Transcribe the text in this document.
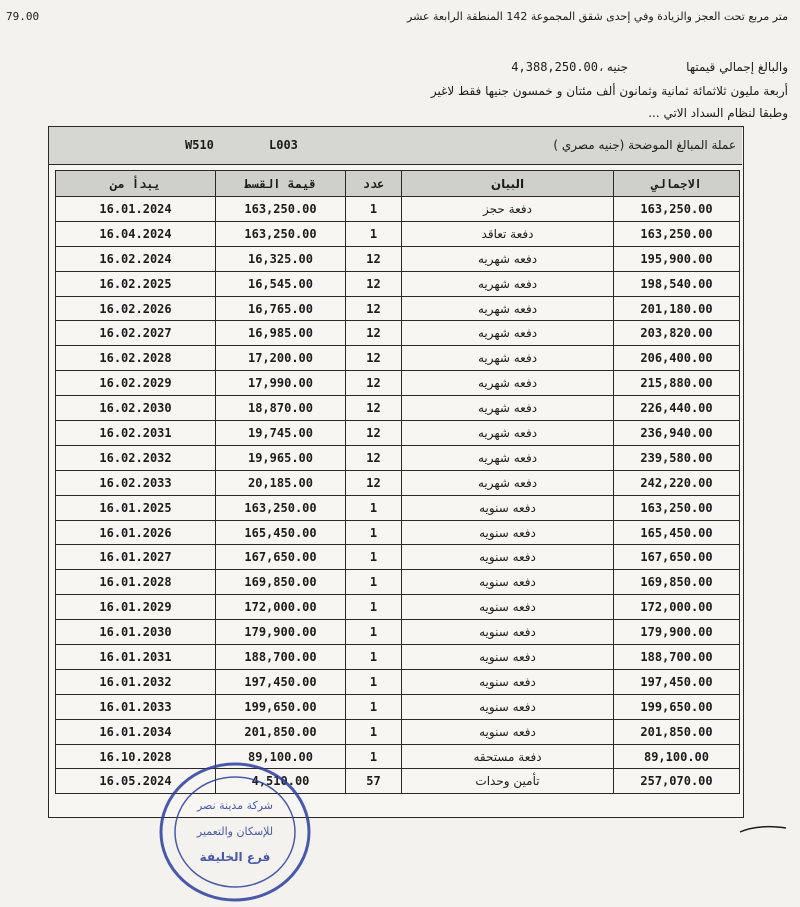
79.00	متر مربع تحت العجز والزيادة وفي إحدى شقق المجموعة 142 المنطقة الرابعة عشر
والبالغ إجمالي قيمتها
4,388,250.00 جنيه ،
أربعة مليون ثلاثمائة ثمانية وثمانون ألف مئتان و خمسون جنيها فقط لاغير
وطبقا لنظام السداد الاتي ...
W510	L003	عملة المبالغ الموضحة (جنيه مصري )
يبدأ من	قيمة القسط	عدد	البيان	الاجمالي
16.01.2024	163,250.00	1	دفعة حجز	163,250.00
16.04.2024	163,250.00	1	دفعة تعاقد	163,250.00
16.02.2024	16,325.00	12	دفعه شهريه	195,900.00
16.02.2025	16,545.00	12	دفعه شهريه	198,540.00
16.02.2026	16,765.00	12	دفعه شهريه	201,180.00
16.02.2027	16,985.00	12	دفعه شهريه	203,820.00
16.02.2028	17,200.00	12	دفعه شهريه	206,400.00
16.02.2029	17,990.00	12	دفعه شهريه	215,880.00
16.02.2030	18,870.00	12	دفعه شهريه	226,440.00
16.02.2031	19,745.00	12	دفعه شهريه	236,940.00
16.02.2032	19,965.00	12	دفعه شهريه	239,580.00
16.02.2033	20,185.00	12	دفعه شهريه	242,220.00
16.01.2025	163,250.00	1	دفعه سنويه	163,250.00
16.01.2026	165,450.00	1	دفعه سنويه	165,450.00
16.01.2027	167,650.00	1	دفعه سنويه	167,650.00
16.01.2028	169,850.00	1	دفعه سنويه	169,850.00
16.01.2029	172,000.00	1	دفعه سنويه	172,000.00
16.01.2030	179,900.00	1	دفعه سنويه	179,900.00
16.01.2031	188,700.00	1	دفعه سنويه	188,700.00
16.01.2032	197,450.00	1	دفعه سنويه	197,450.00
16.01.2033	199,650.00	1	دفعه سنويه	199,650.00
16.01.2034	201,850.00	1	دفعه سنويه	201,850.00
16.10.2028	89,100.00	1	دفعة مستحقه	89,100.00
16.05.2024	4,510.00	57	تأمين وحدات	257,070.00
شركة مدينة نصر
للإسكان والتعمير
فرع الخليفة
